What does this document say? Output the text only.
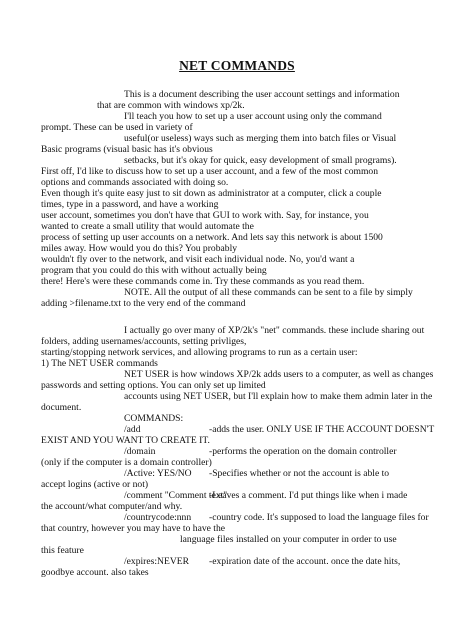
NET COMMANDS
This is a document describing the user account settings and information
that are common with windows xp/2k.
I'll teach you how to set up a user account using only the command
prompt. These can be used in variety of
useful(or useless) ways such as merging them into batch files or Visual
Basic programs (visual basic has it's obvious
setbacks, but it's okay for quick, easy development of small programs).
First off, I'd like to discuss how to set up a user account, and a few of the most common
options and commands associated with doing so.
Even though it's quite easy just to sit down as administrator at a computer, click a couple
times, type in a password, and have a working
user account, sometimes you don't have that GUI to work with. Say, for instance, you
wanted to create a small utility that would automate the
process of setting up user accounts on a network. And lets say this network is about 1500
miles away. How would you do this? You probably
wouldn't fly over to the network, and visit each individual node. No, you'd want a
program that you could do this with without actually being
there! Here's were these commands come in. Try these commands as you read them.
NOTE. All the output of all these commands can be sent to a file by simply
adding >filename.txt to the very end of the command
I actually go over many of XP/2k's "net" commands. these include sharing out
folders, adding usernames/accounts, setting privliges,
starting/stopping network services, and allowing programs to run as a certain user:
1) The NET USER commands
NET USER is how windows XP/2k adds users to a computer, as well as changes
passwords and setting options. You can only set up limited
accounts using NET USER, but I'll explain how to make them admin later in the
document.
COMMANDS:
/add	-adds the user. ONLY USE IF THE ACCOUNT DOESN'T
EXIST AND YOU WANT TO CREATE IT.
/domain	-performs the operation on the domain controller
(only if the computer is a domain controller)
/Active: YES/NO -Specifies whether or not the account is able to
accept logins (active or not)
/comment "Comment text"
-Leaves a comment. I'd put things like when i made
the account/what computer/and why.
/countrycode:nnn -country code. It's supposed to load the language files for
that country, however you may have to have the
language files installed on your computer in order to use
this feature
/expires:NEVER -expiration date of the account. once the date hits,
goodbye account. also takes
